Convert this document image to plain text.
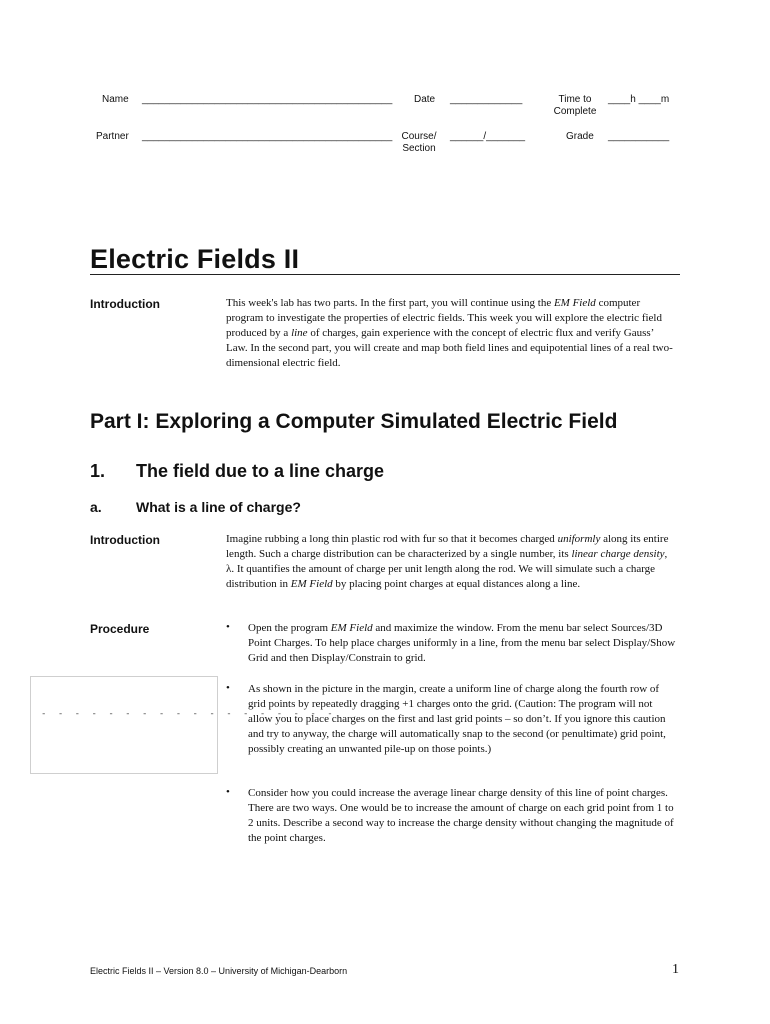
Name _____________________________________________ Date _____________	Time to
Complete
____h ____m
Partner _____________________________________________ Course/
Section
______/_______	Grade ___________
Electric Fields II
Introduction	This week's lab has two parts. In the first part, you will continue using the EM Field computer program to investigate the properties of electric fields. This week you will explore the electric field produced by a line of charges, gain experience with the concept of electric flux and verify Gauss’ Law. In the second part, you will create and map both field lines and equipotential lines of a real two-dimensional electric field.
Part I: Exploring a Computer Simulated Electric Field
1. The field due to a line charge
a. What is a line of charge?
Introduction	Imagine rubbing a long thin plastic rod with fur so that it becomes charged uniformly along its entire length. Such a charge distribution can be characterized by a single number, its linear charge density, λ. It quantifies the amount of charge per unit length along the rod. We will simulate such a charge distribution in EM Field by placing point charges at equal distances along a line.
Procedure	• Open the program EM Field and maximize the window. From the menu bar select Sources/3D Point Charges. To help place charges uniformly in a line, from the menu bar select Display/Show Grid and then Display/Constrain to grid.
- - - - - - - - - - - - - - - - - -
• As shown in the picture in the margin, create a uniform line of charge along the fourth row of grid points by repeatedly dragging +1 charges onto the grid. (Caution: The program will not allow you to place charges on the first and last grid points – so don’t. If you ignore this caution and try to anyway, the charge will automatically snap to the second (or penultimate) grid point, possibly creating an unwanted pile-up on those points.)
• Consider how you could increase the average linear charge density of this line of point charges. There are two ways. One would be to increase the amount of charge on each grid point from 1 to 2 units. Describe a second way to increase the charge density without changing the magnitude of the point charges.
Electric Fields II – Version 8.0 – University of Michigan-Dearborn	1
